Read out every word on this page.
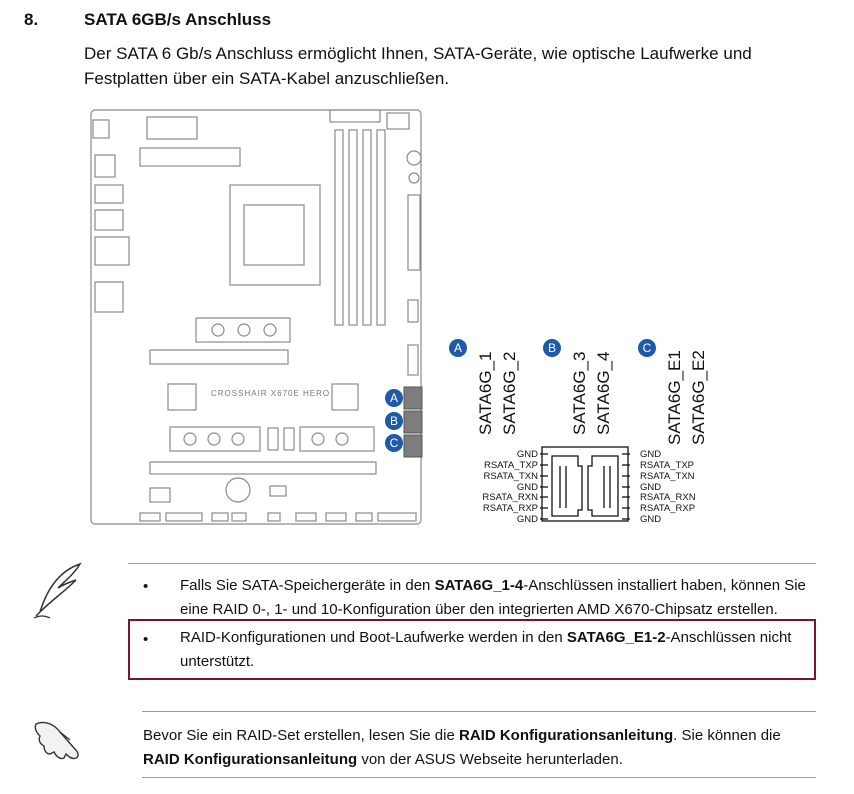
8.	SATA 6GB/s Anschluss
Der SATA 6 Gb/s Anschluss ermöglicht Ihnen, SATA-Geräte, wie optische Laufwerke und Festplatten über ein SATA-Kabel anzuschließen.
CROSSHAIR X670E HERO	A
B
C
A	B	C
SATA6G_1 SATA6G_2	SATA6G_3 SATA6G_4	SATA6G_E1 SATA6G_E2
GND
RSATA_TXP
RSATA_TXN
GND
RSATA_RXN
RSATA_RXP
GND
GND
RSATA_TXP
RSATA_TXN
GND
RSATA_RXN
RSATA_RXP
GND
• Falls Sie SATA-Speichergeräte in den SATA6G_1-4-Anschlüssen installiert haben, können Sie
eine RAID 0-, 1- und 10-Konfiguration über den integrierten AMD X670-Chipsatz erstellen.
• RAID-Konfigurationen und Boot-Laufwerke werden in den SATA6G_E1-2-Anschlüssen nicht
unterstützt.
Bevor Sie ein RAID-Set erstellen, lesen Sie die RAID Konfigurationsanleitung. Sie können die
RAID Konfigurationsanleitung von der ASUS Webseite herunterladen.
